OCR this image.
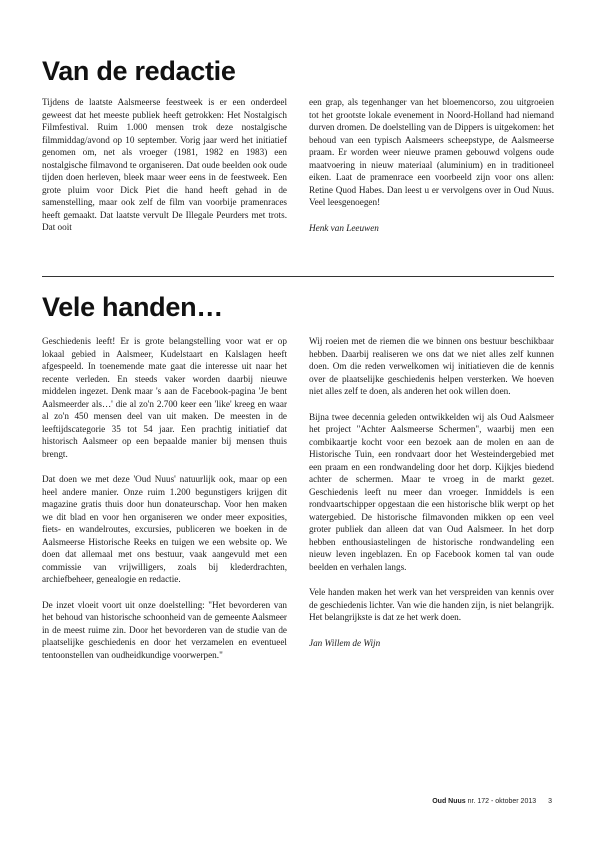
Van de redactie

Tijdens de laatste Aalsmeerse feestweek is er een onderdeel geweest dat het meeste publiek heeft getrokken: Het Nostalgisch Filmfestival. Ruim 1.000 mensen trok deze nostalgische filmmiddag/avond op 10 september. Vorig jaar werd het initiatief genomen om, net als vroeger (1981, 1982 en 1983) een nostalgische filmavond te organiseren. Dat oude beelden ook oude tijden doen herleven, bleek maar weer eens in de feestweek. Een grote pluim voor Dick Piet die hand heeft gehad in de samenstelling, maar ook zelf de film van voorbije pramenraces heeft gemaakt. Dat laatste vervult De Illegale Peurders met trots. Dat ooit

een grap, als tegenhanger van het bloemencorso, zou uitgroeien tot het grootste lokale evenement in Noord-Holland had niemand durven dromen. De doelstelling van de Dippers is uitgekomen: het behoud van een typisch Aalsmeers scheepstype, de Aalsmeerse praam. Er worden weer nieuwe pramen gebouwd volgens oude maatvoering in nieuw materiaal (aluminium) en in traditioneel eiken. Laat de pramenrace een voorbeeld zijn voor ons allen: Retine Quod Habes. Dan leest u er vervolgens over in Oud Nuus. Veel leesgenoegen!

Henk van Leeuwen

Vele handen…

Geschiedenis leeft! Er is grote belangstelling voor wat er op lokaal gebied in Aalsmeer, Kudelstaart en Kalslagen heeft afgespeeld. In toenemende mate gaat die interesse uit naar het recente verleden. En steeds vaker worden daarbij nieuwe middelen ingezet. Denk maar 's aan de Facebook-pagina 'Je bent Aalsmeerder als…' die al zo'n 2.700 keer een 'like' kreeg en waar al zo'n 450 mensen deel van uit maken. De meesten in de leeftijdscategorie 35 tot 54 jaar. Een prachtig initiatief dat historisch Aalsmeer op een bepaalde manier bij mensen thuis brengt.

Dat doen we met deze 'Oud Nuus' natuurlijk ook, maar op een heel andere manier. Onze ruim 1.200 begunstigers krijgen dit magazine gratis thuis door hun donateurschap. Voor hen maken we dit blad en voor hen organiseren we onder meer exposities, fiets- en wandelroutes, excursies, publiceren we boeken in de Aalsmeerse Historische Reeks en tuigen we een website op. We doen dat allemaal met ons bestuur, vaak aangevuld met een commissie van vrijwilligers, zoals bij klederdrachten, archiefbeheer, genealogie en redactie.

De inzet vloeit voort uit onze doelstelling: "Het bevorderen van het behoud van historische schoonheid van de gemeente Aalsmeer in de meest ruime zin. Door het bevorderen van de studie van de plaatselijke geschiedenis en door het verzamelen en eventueel tentoonstellen van oudheidkundige voorwerpen."

Wij roeien met de riemen die we binnen ons bestuur beschikbaar hebben. Daarbij realiseren we ons dat we niet alles zelf kunnen doen. Om die reden verwelkomen wij initiatieven die de kennis over de plaatselijke geschiedenis helpen versterken. We hoeven niet alles zelf te doen, als anderen het ook willen doen.

Bijna twee decennia geleden ontwikkelden wij als Oud Aalsmeer het project "Achter Aalsmeerse Schermen", waarbij men een combikaartje kocht voor een bezoek aan de molen en aan de Historische Tuin, een rondvaart door het Westeindergebied met een praam en een rondwandeling door het dorp. Kijkjes biedend achter de schermen. Maar te vroeg in de markt gezet. Geschiedenis leeft nu meer dan vroeger. Inmiddels is een rondvaartschipper opgestaan die een historische blik werpt op het watergebied. De historische filmavonden mikken op een veel groter publiek dan alleen dat van Oud Aalsmeer. In het dorp hebben enthousiastelingen de historische rondwandeling een nieuw leven ingeblazen. En op Facebook komen tal van oude beelden en verhalen langs.

Vele handen maken het werk van het verspreiden van kennis over de geschiedenis lichter. Van wie die handen zijn, is niet belangrijk. Het belangrijkste is dat ze het werk doen.

Jan Willem de Wijn

Oud Nuus nr. 172 - oktober 2013 3
